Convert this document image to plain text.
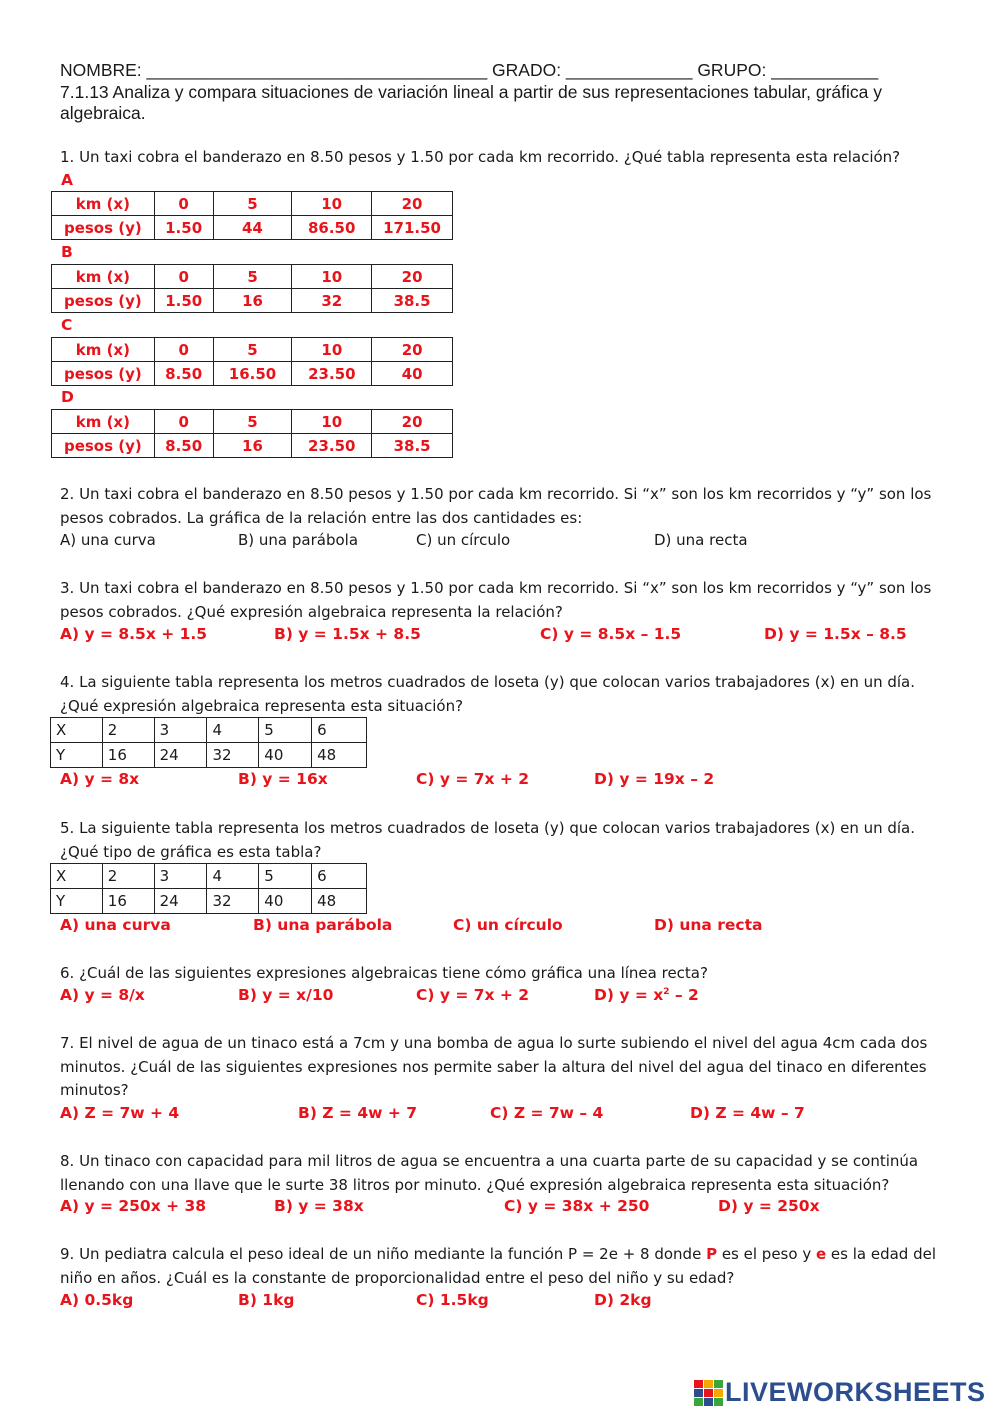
NOMBRE: ___________________________________ GRADO: _____________ GRUPO: ___________
7.1.13 Analiza y compara situaciones de variación lineal a partir de sus representaciones tabular, gráfica y algebraica.
1. Un taxi cobra el banderazo en 8.50 pesos y 1.50 por cada km recorrido. ¿Qué tabla representa esta relación?
A
km (x)	0	5	10	20
pesos (y)	1.50	44	86.50	171.50
B
km (x)	0	5	10	20
pesos (y)	1.50	16	32	38.5
C
km (x)	0	5	10	20
pesos (y)	8.50	16.50	23.50	40
D
km (x)	0	5	10	20
pesos (y)	8.50	16	23.50	38.5
2. Un taxi cobra el banderazo en 8.50 pesos y 1.50 por cada km recorrido. Si “x” son los km recorridos y “y” son los pesos cobrados. La gráfica de la relación entre las dos cantidades es:
A) una curva	B) una parábola	C) un círculo	D) una recta
3. Un taxi cobra el banderazo en 8.50 pesos y 1.50 por cada km recorrido. Si “x” son los km recorridos y “y” son los pesos cobrados. ¿Qué expresión algebraica representa la relación?
A) y = 8.5x + 1.5	B) y = 1.5x + 8.5	C) y = 8.5x – 1.5	D) y = 1.5x – 8.5
4. La siguiente tabla representa los metros cuadrados de loseta (y) que colocan varios trabajadores (x) en un día. ¿Qué expresión algebraica representa esta situación?
X	2	3	4	5	6
Y	16	24	32	40	48
A) y = 8x	B) y = 16x	C) y = 7x + 2	D) y = 19x – 2
5. La siguiente tabla representa los metros cuadrados de loseta (y) que colocan varios trabajadores (x) en un día. ¿Qué tipo de gráfica es esta tabla?
X	2	3	4	5	6
Y	16	24	32	40	48
A) una curva	B) una parábola	C) un círculo	D) una recta
6. ¿Cuál de las siguientes expresiones algebraicas tiene cómo gráfica una línea recta?
A) y = 8/x	B) y = x/10	C) y = 7x + 2	D) $y = x^2 - 2$
7. El nivel de agua de un tinaco está a 7cm y una bomba de agua lo surte subiendo el nivel del agua 4cm cada dos minutos. ¿Cuál de las siguientes expresiones nos permite saber la altura del nivel del agua del tinaco en diferentes minutos?
A) Z = 7w + 4	B) Z = 4w + 7	C) Z = 7w – 4	D) Z = 4w – 7
8. Un tinaco con capacidad para mil litros de agua se encuentra a una cuarta parte de su capacidad y se continúa llenando con una llave que le surte 38 litros por minuto. ¿Qué expresión algebraica representa esta situación?
A) y = 250x + 38	B) y = 38x	C) y = 38x + 250	D) y = 250x
9. Un pediatra calcula el peso ideal de un niño mediante la función P = 2e + 8 donde P es el peso y e es la edad del niño en años. ¿Cuál es la constante de proporcionalidad entre el peso del niño y su edad?
A) 0.5kg	B) 1kg	C) 1.5kg	D) 2kg
LIVEWORKSHEETS
